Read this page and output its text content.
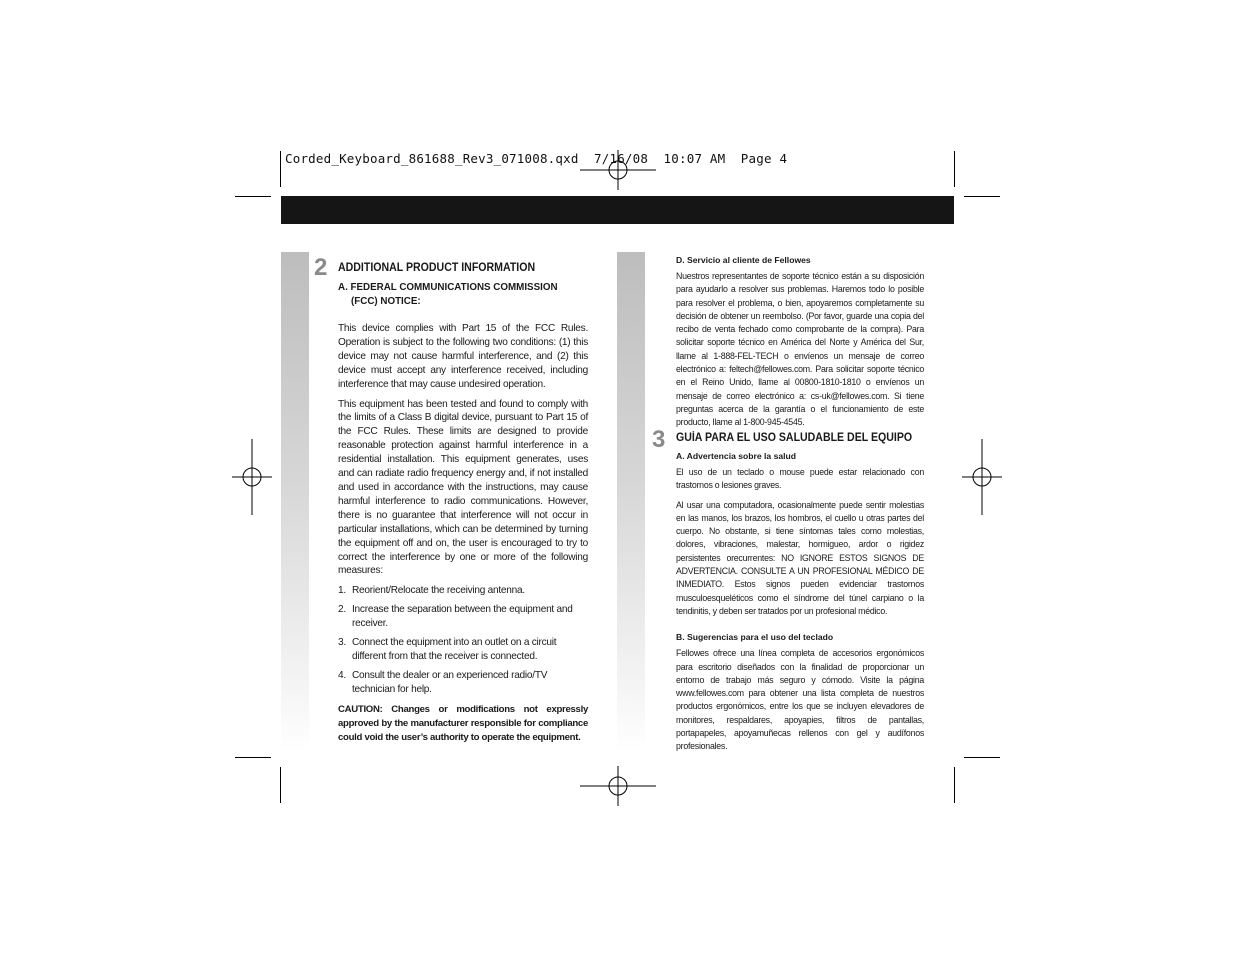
Corded_Keyboard_861688_Rev3_071008.qxd  7/16/08  10:07 AM  Page 4
2 ADDITIONAL PRODUCT INFORMATION
A. FEDERAL COMMUNICATIONS COMMISSION
(FCC) NOTICE:
This device complies with Part 15 of the FCC Rules. Operation is subject to the following two conditions: (1) this device may not cause harmful interference, and (2) this device must accept any interference received, including interference that may cause undesired operation.
This equipment has been tested and found to comply with the limits of a Class B digital device, pursuant to Part 15 of the FCC Rules. These limits are designed to provide reasonable protection against harmful interference in a residential installation. This equipment generates, uses and can radiate radio frequency energy and, if not installed and used in accordance with the instructions, may cause harmful interference to radio communications. However, there is no guarantee that interference will not occur in particular installations, which can be determined by turning the equipment off and on, the user is encouraged to try to correct the interference by one or more of the following measures:
1. Reorient/Relocate the receiving antenna.
2. Increase the separation between the equipment and receiver.
3. Connect the equipment into an outlet on a circuit different from that the receiver is connected.
4. Consult the dealer or an experienced radio/TV technician for help.
CAUTION: Changes or modifications not expressly approved by the manufacturer responsible for compliance could void the user’s authority to operate the equipment.
D. Servicio al cliente de Fellowes
Nuestros representantes de soporte técnico están a su disposición para ayudarlo a resolver sus problemas. Haremos todo lo posible para resolver el problema, o bien, apoyaremos completamente su decisión de obtener un reembolso. (Por favor, guarde una copia del recibo de venta fechado como comprobante de la compra). Para solicitar soporte técnico en América del Norte y América del Sur, llame al 1-888-FEL-TECH o envíenos un mensaje de correo electrónico a: feltech@fellowes.com. Para solicitar soporte técnico en el Reino Unido, llame al 00800-1810-1810 o envíenos un mensaje de correo electrónico a: cs-uk@fellowes.com. Si tiene preguntas acerca de la garantía o el funcionamiento de este producto, llame al 1-800-945-4545.
3 GUÍA PARA EL USO SALUDABLE DEL EQUIPO
A. Advertencia sobre la salud
El uso de un teclado o mouse puede estar relacionado con trastornos o lesiones graves.
Al usar una computadora, ocasionalmente puede sentir molestias en las manos, los brazos, los hombros, el cuello u otras partes del cuerpo. No obstante, si tiene síntomas tales como molestias, dolores, vibraciones, malestar, hormigueo, ardor o rigidez persistentes orecurrentes: NO IGNORE ESTOS SIGNOS DE ADVERTENCIA. CONSULTE A UN PROFESIONAL MÉDICO DE INMEDIATO. Estos signos pueden evidenciar trastornos musculoesqueléticos como el síndrome del túnel carpiano o la tendinitis, y deben ser tratados por un profesional médico.
B. Sugerencias para el uso del teclado
Fellowes ofrece una línea completa de accesorios ergonómicos para escritorio diseñados con la finalidad de proporcionar un entorno de trabajo más seguro y cómodo. Visite la página www.fellowes.com para obtener una lista completa de nuestros productos ergonómicos, entre los que se incluyen elevadores de monitores, respaldares, apoyapies, filtros de pantallas, portapapeles, apoyamuñecas rellenos con gel y audífonos profesionales.
